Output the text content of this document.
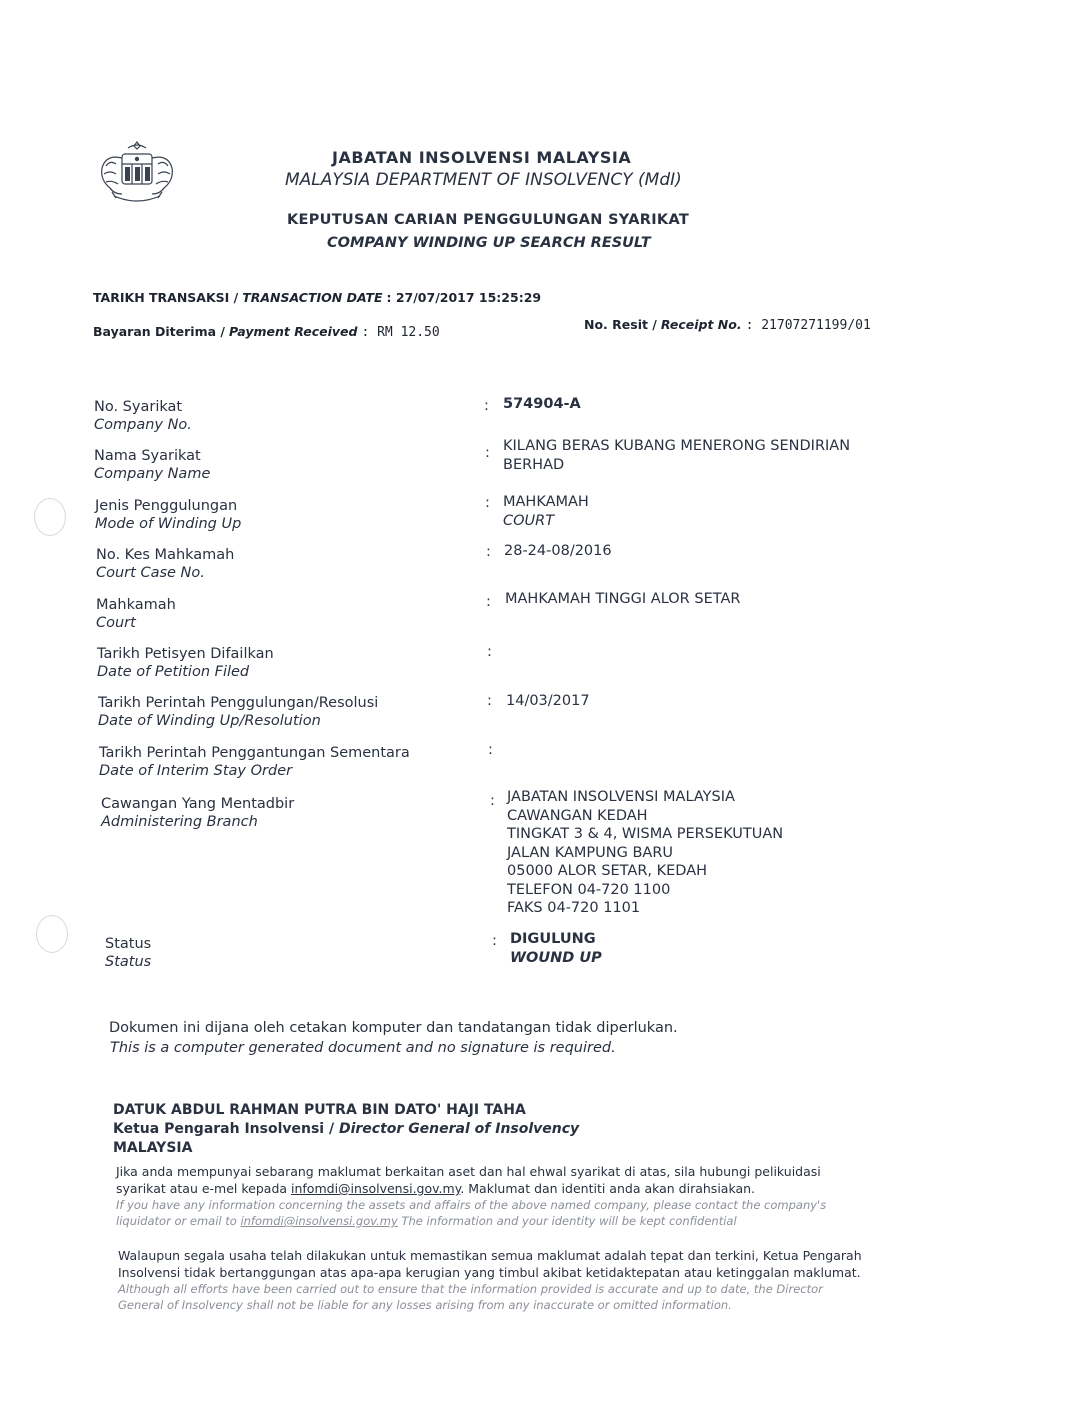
JABATAN INSOLVENSI MALAYSIA
MALAYSIA DEPARTMENT OF INSOLVENCY (MdI)
KEPUTUSAN CARIAN PENGGULUNGAN SYARIKAT
COMPANY WINDING UP SEARCH RESULT
TARIKH TRANSAKSI / TRANSACTION DATE : 27/07/2017 15:25:29
Bayaran Diterima / Payment Received : RM 12.50
No. Resit / Receipt No. : 21707271199/01
No. Syarikat
Company No.
Nama Syarikat
Company Name
Jenis Penggulungan
Mode of Winding Up
No. Kes Mahkamah
Court Case No.
Mahkamah
Court
Tarikh Petisyen Difailkan
Date of Petition Filed
Tarikh Perintah Penggulungan/Resolusi
Date of Winding Up/Resolution
Tarikh Perintah Penggantungan Sementara
Date of Interim Stay Order
Cawangan Yang Mentadbir
Administering Branch
Status
Status
:
:
:
:
:
:
:
:
:
:
574904-A
KILANG BERAS KUBANG MENERONG SENDIRIAN
BERHAD
MAHKAMAH
COURT
28-24-08/2016
MAHKAMAH TINGGI ALOR SETAR
14/03/2017
JABATAN INSOLVENSI MALAYSIA
CAWANGAN KEDAH
TINGKAT 3 & 4, WISMA PERSEKUTUAN
JALAN KAMPUNG BARU
05000 ALOR SETAR, KEDAH
TELEFON 04-720 1100
FAKS 04-720 1101
DIGULUNG
WOUND UP
Dokumen ini dijana oleh cetakan komputer dan tandatangan tidak diperlukan.
This is a computer generated document and no signature is required.
DATUK ABDUL RAHMAN PUTRA BIN DATO' HAJI TAHA
Ketua Pengarah Insolvensi / Director General of Insolvency
MALAYSIA
Jika anda mempunyai sebarang maklumat berkaitan aset dan hal ehwal syarikat di atas, sila hubungi pelikuidasi
syarikat atau e-mel kepada infomdi@insolvensi.gov.my. Maklumat dan identiti anda akan dirahsiakan.
If you have any information concerning the assets and affairs of the above named company, please contact the company's
liquidator or email to infomdi@insolvensi.gov.my The information and your identity will be kept confidential
Walaupun segala usaha telah dilakukan untuk memastikan semua maklumat adalah tepat dan terkini, Ketua Pengarah
Insolvensi tidak bertanggungan atas apa-apa kerugian yang timbul akibat ketidaktepatan atau ketinggalan maklumat.
Although all efforts have been carried out to ensure that the information provided is accurate and up to date, the Director
General of Insolvency shall not be liable for any losses arising from any inaccurate or omitted information.
